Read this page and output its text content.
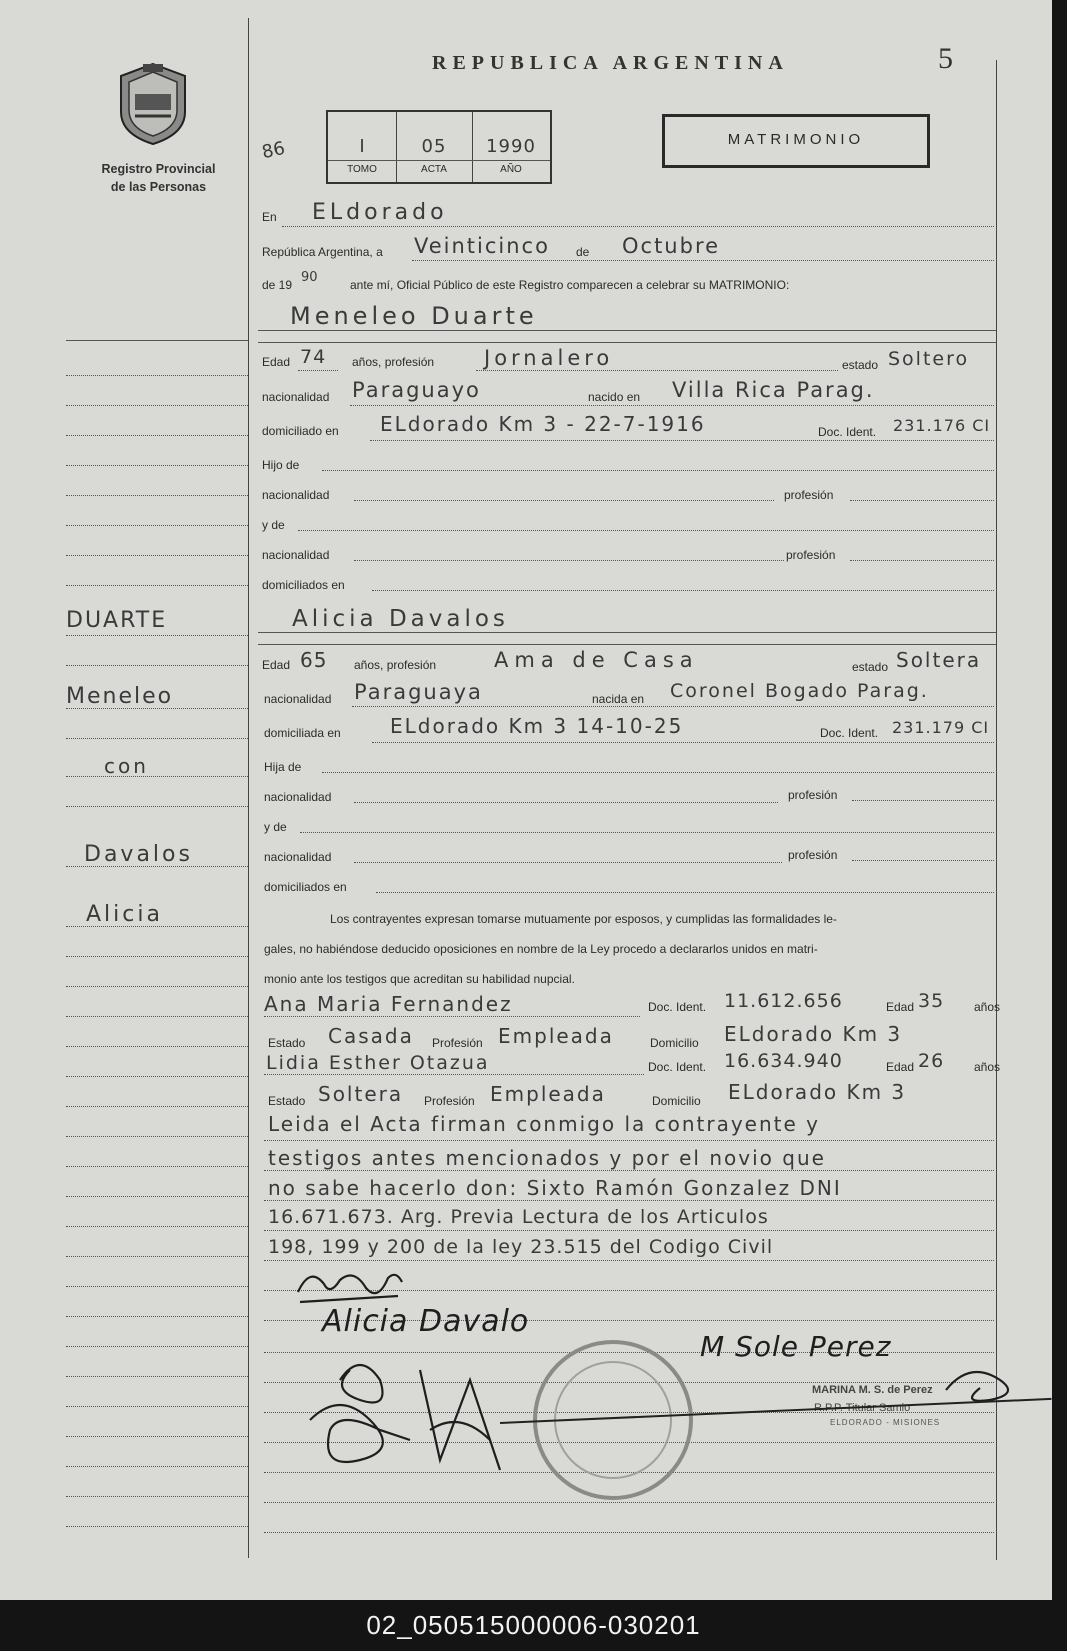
Registro Provincial
de las Personas
REPUBLICA ARGENTINA	5
MATRIMONIO
86	I	05	1990
TOMO	ACTA	AÑO
En ELdorado
República Argentina, a Veinticinco de Octubre
de 19 90	ante mí, Oficial Público de este Registro comparecen a celebrar su MATRIMONIO:
Meneleo Duarte
Edad 74 años, profesión Jornalero	estado Soltero
nacionalidad Paraguayo	nacido en Villa Rica Parag.
domiciliado en ELdorado Km 3 - 22-7-1916	Doc. Ident. 231.176 CI
Hijo de
nacionalidad	profesión
y de
nacionalidad	profesión
domiciliados en
Alicia Davalos
Edad 65 años, profesión	Ama de Casa	estado Soltera
nacionalidad Paraguaya	nacida en Coronel Bogado Parag.
domiciliada en ELdorado Km 3 14-10-25	Doc. Ident. 231.179 CI
Hija de
nacionalidad	profesión
y de
nacionalidad	profesión
domiciliados en
Los contrayentes expresan tomarse mutuamente por esposos, y cumplidas las formalidades le-
gales, no habiéndose deducido oposiciones en nombre de la Ley procedo a declararlos unidos en matri-
monio ante los testigos que acreditan su habilidad nupcial.
Ana Maria Fernandez	Doc. Ident. 11.612.656	Edad 35 años
Estado Casada Profesión Empleada	Domicilio ELdorado Km 3
Lidia Esther Otazua	Doc. Ident. 16.634.940	Edad 26 años
Estado Soltera Profesión Empleada	Domicilio ELdorado Km 3
Leida el Acta firman conmigo la contrayente y
testigos antes mencionados y por el novio que
no sabe hacerlo don: Sixto Ramón Gonzalez DNI
16.671.673. Arg. Previa Lectura de los Articulos
198, 199 y 200 de la ley 23.515 del Codigo Civil
Alicia Davalo
M Sole Perez
MARINA M. S. de Perez
R.P.P. Titular Samio
ELDORADO - MISIONES
DUARTE
Meneleo
con
Davalos
Alicia
02_050515000006-030201
